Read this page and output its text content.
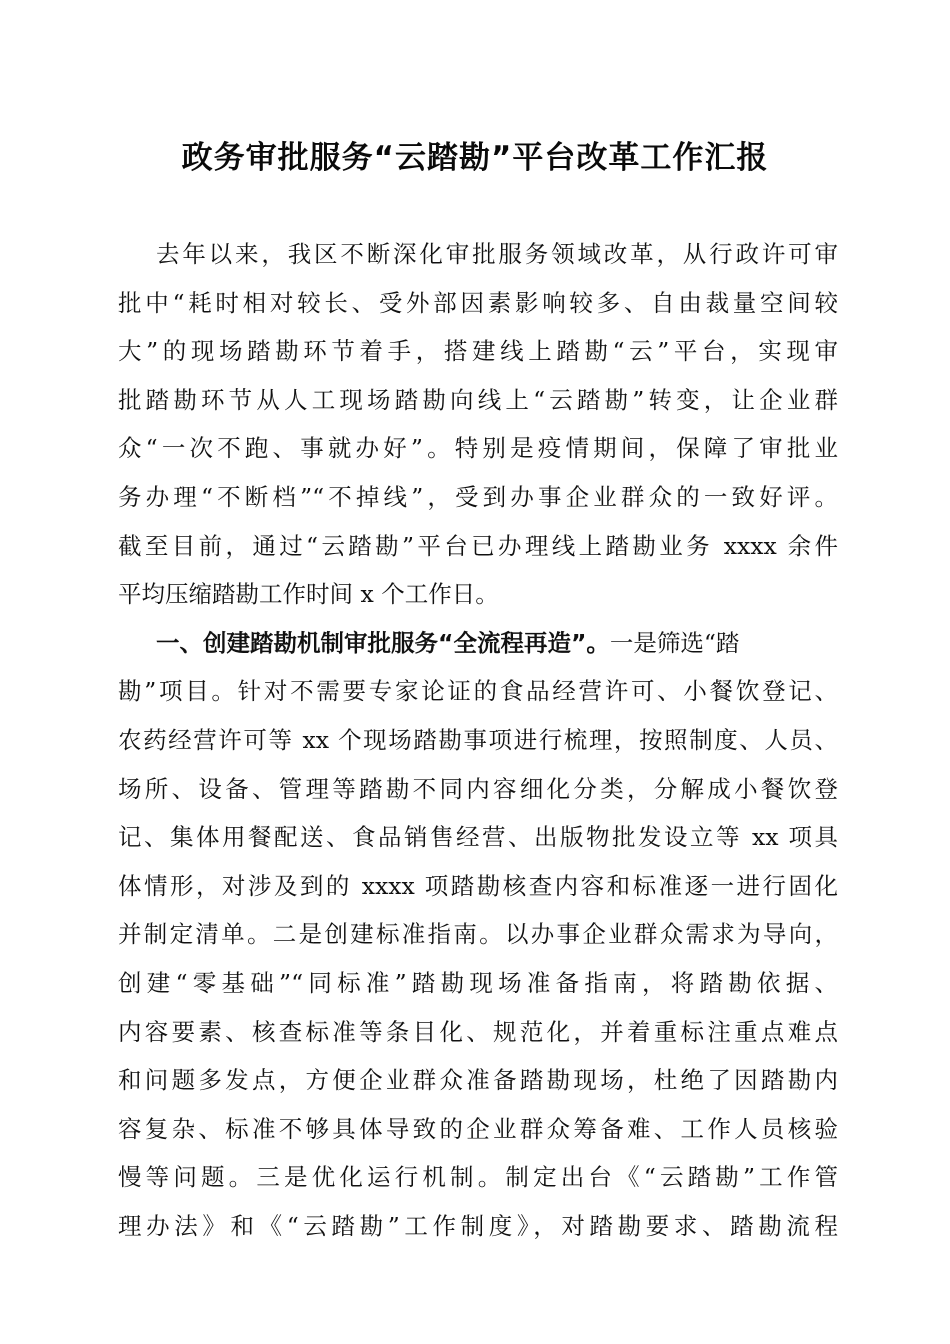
政务审批服务“云踏勘”平台改革工作汇报
去年以来，我区不断深化审批服务领域改革，从行政许可审
批中“耗时相对较长、受外部因素影响较多、自由裁量空间较
大”的现场踏勘环节着手，搭建线上踏勘“云”平台，实现审
批踏勘环节从人工现场踏勘向线上“云踏勘”转变，让企业群
众“一次不跑、事就办好”。特别是疫情期间，保障了审批业
务办理“不断档”“不掉线”，受到办事企业群众的一致好评。
截至目前，通过“云踏勘”平台已办理线上踏勘业务 xxxx 余件
平均压缩踏勘工作时间 x 个工作日。
一、创建踏勘机制审批服务“全流程再造”。一是筛选“踏
勘”项目。针对不需要专家论证的食品经营许可、小餐饮登记、
农药经营许可等 xx 个现场踏勘事项进行梳理，按照制度、人员、
场所、设备、管理等踏勘不同内容细化分类，分解成小餐饮登
记、集体用餐配送、食品销售经营、出版物批发设立等 xx 项具
体情形，对涉及到的 xxxx 项踏勘核查内容和标准逐一进行固化
并制定清单。二是创建标准指南。以办事企业群众需求为导向，
创建“零基础”“同标准”踏勘现场准备指南，将踏勘依据、
内容要素、核查标准等条目化、规范化，并着重标注重点难点
和问题多发点，方便企业群众准备踏勘现场，杜绝了因踏勘内
容复杂、标准不够具体导致的企业群众筹备难、工作人员核验
慢等问题。三是优化运行机制。制定出台《“云踏勘”工作管
理办法》和《“云踏勘”工作制度》，对踏勘要求、踏勘流程
